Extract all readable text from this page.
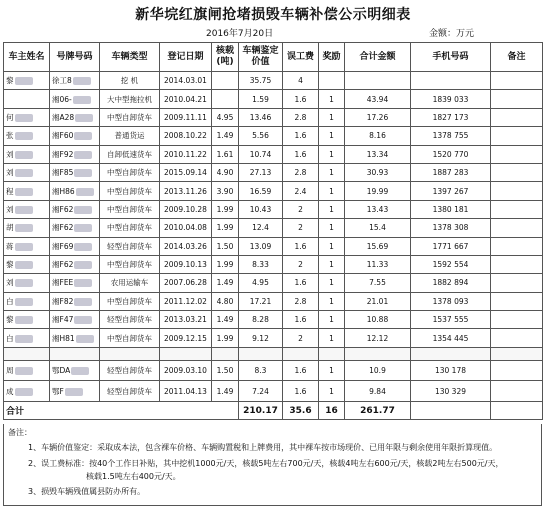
新华垸红旗闸抢堵损毁车辆补偿公示明细表
2016年7月20日	金额：万元
车主姓名	号牌号码	车辆类型	登记日期	核载(吨)	车辆鉴定价值	误工费	奖励	合计金额	手机号码	备注
黎	徐工8	挖 机	2014.03.01		35.75	4				
	湘06-	大中型拖拉机	2010.04.21		1.59	1.6	1	43.94	1839 033	
何	湘A28	中型自卸货车	2009.11.11	4.95	13.46	2.8	1	17.26	1827 173	
张	湘F60	普通货运	2008.10.22	1.49	5.56	1.6	1	8.16	1378 755	
刘	湘F92	自卸低速货车	2010.11.22	1.61	10.74	1.6	1	13.34	1520 770	
刘	湘F85	中型自卸货车	2015.09.14	4.90	27.13	2.8	1	30.93	1887 283	
程	湘H86	中型自卸货车	2013.11.26	3.90	16.59	2.4	1	19.99	1397 267	
刘	湘F62	中型自卸货车	2009.10.28	1.99	10.43	2	1	13.43	1380 181	
胡	湘F62	中型自卸货车	2010.04.08	1.99	12.4	2	1	15.4	1378 308	
蒋	湘F69	轻型自卸货车	2014.03.26	1.50	13.09	1.6	1	15.69	1771 667	
黎	湘F62	中型自卸货车	2009.10.13	1.99	8.33	2	1	11.33	1592 554	
刘	湘FEE	农用运输车	2007.06.28	1.49	4.95	1.6	1	7.55	1882 894	
白	湘F82	中型自卸货车	2011.12.02	4.80	17.21	2.8	1	21.01	1378 093	
黎	湘F47	轻型自卸货车	2013.03.21	1.49	8.28	1.6	1	10.88	1537 555	
白	湘H81	中型自卸货车	2009.12.15	1.99	9.12	2	1	12.12	1354 445	

周	鄂DA	轻型自卸货车	2009.03.10	1.50	8.3	1.6	1	10.9	130 178	
成	鄂F	轻型自卸货车	2011.04.13	1.49	7.24	1.6	1	9.84	130 329	
合计					210.17	35.6	16	261.77		
备注：
1、车辆价值鉴定：采取成本法，包含裸车价格、车辆购置税和上牌费用，其中裸车按市场现价、已用年限与剩余使用年限折算现值。
2、误工费标准：按40个工作日补贴，其中挖机1000元/天，核载5吨左右700元/天，核载4吨左右600元/天，核载2吨左右500元/天，
核载1.5吨左右400元/天。
3、损毁车辆残值属县防办所有。
